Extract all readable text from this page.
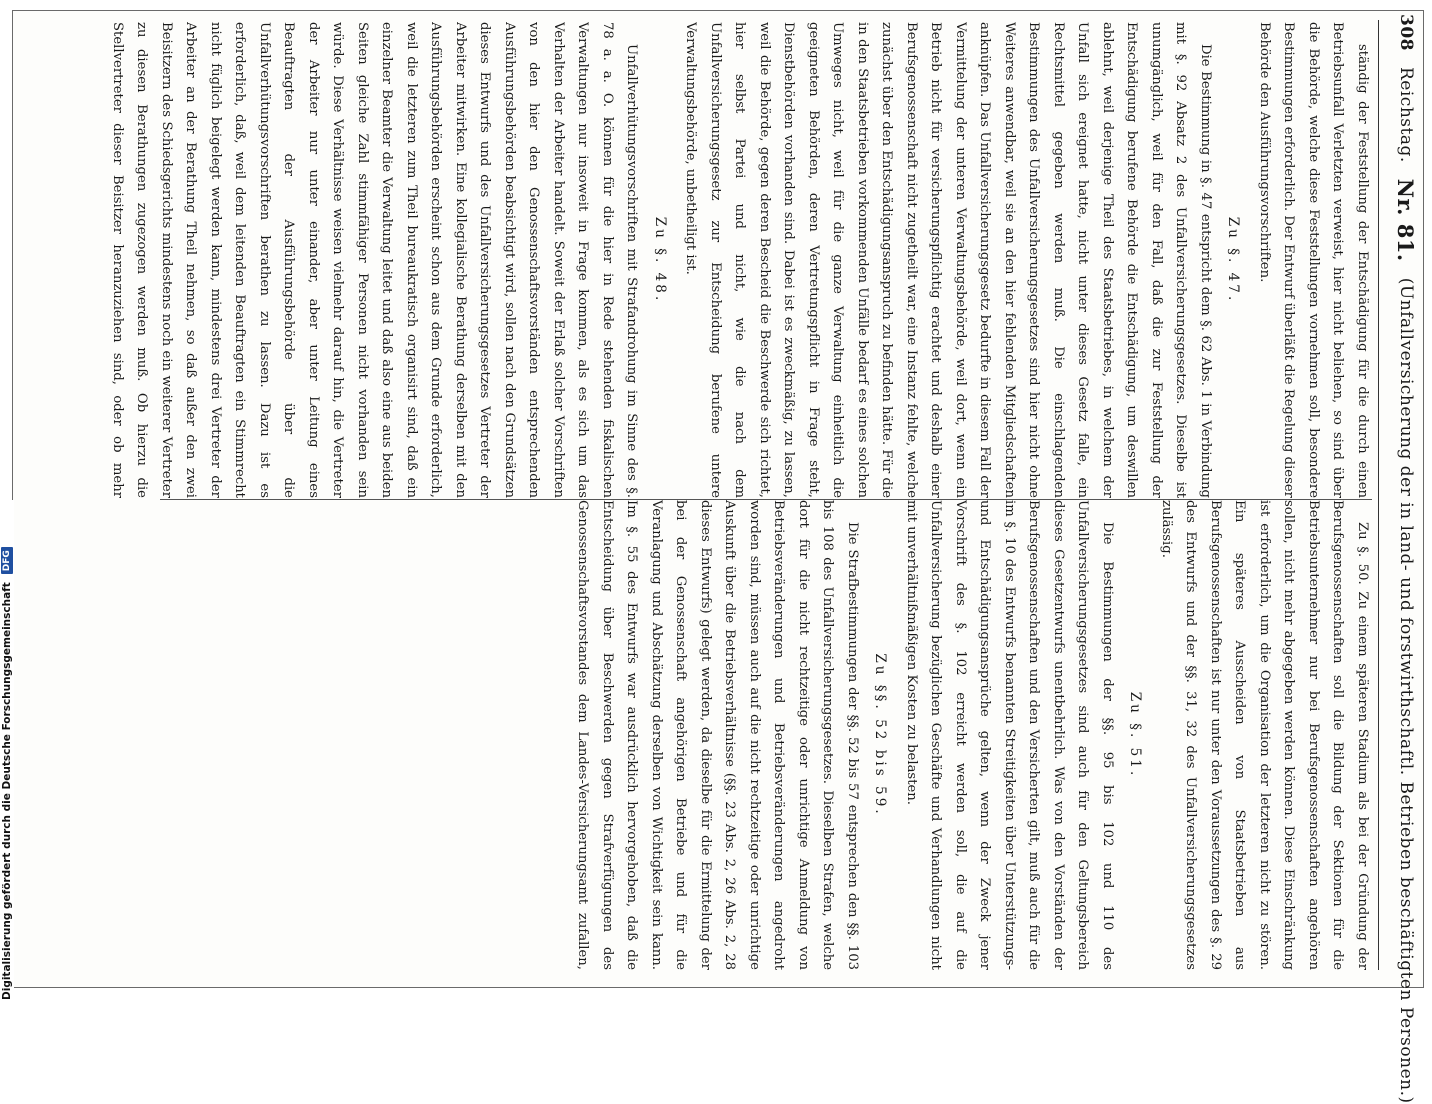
308
Reichstag.
Nr. 81.
(Unfallversicherung der in land- und forstwirthschaftl. Betrieben beschäftigten Personen.)

Zu §. 50. Zu einem späteren Stadium als bei der Gründung der Berufsgenossenschaften soll die Bildung der Sektionen für die Betriebsunternehmer nur bei Berufsgenossenschaften angehören sollen, nicht mehr abgegeben werden können. Diese Einschränkung ist erforderlich, um die Organisation der letzteren nicht zu stören. Ein späteres Ausscheiden von Staatsbetrieben aus Berufsgenossenschaften ist nur unter den Voraussetzungen des §. 29 des Entwurfs und der §§. 31, 32 des Unfallversicherungsgesetzes zulässig.

Zu §. 51.

Die Bestimmungen der §§. 95 bis 102 und 110 des Unfallversicherungsgesetzes sind auch für den Geltungsbereich dieses Gesetzentwurfs unentbehrlich. Was von den Vorständen der Berufsgenossenschaften und den Versicherten gilt, muß auch für die im §. 10 des Entwurfs benannten Streitigkeiten über Unterstützungs- und Entschädigungsansprüche gelten, wenn der Zweck jener Vorschrift des §. 102 erreicht werden soll, die auf die Unfallversicherung bezüglichen Geschäfte und Verhandlungen nicht mit unverhältnißmäßigen Kosten zu belasten.

Zu §§. 52 bis 59.

Die Strafbestimmungen der §§. 52 bis 57 entsprechen den §§. 103 bis 108 des Unfallversicherungsgesetzes. Dieselben Strafen, welche dort für die nicht rechtzeitige oder unrichtige Anmeldung von Betriebsveränderungen und Betriebsveränderungen angedroht worden sind, müssen auch auf die nicht rechtzeitige oder unrichtige Auskunft über die Betriebsverhältnisse (§§. 23 Abs. 2, 26 Abs. 2, 28 dieses Entwurfs) gelegt werden, da dieselbe für die Ermittelung der bei der Genossenschaft angehörigen Betriebe und für die Veranlagung und Abschätzung derselben von Wichtigkeit sein kann. Im §. 55 des Entwurfs war ausdrücklich hervorgehoben, daß die Entscheidung über Beschwerden gegen Strafverfügungen des Genossenschaftsvorstandes dem Landes-Versicherungsamt zufallen,

ständig der Feststellung der Entschädigung für die durch einen Betriebsunfall Verletzten verweist, hier nicht beliehen, so sind über die Behörde, welche diese Feststellungen vornehmen soll, besondere Bestimmungen erforderlich. Der Entwurf überläßt die Regelung dieser Behörde den Ausführungsvorschriften.

Zu §. 47.

Die Bestimmung in §. 47 entspricht dem §. 62 Abs. 1 in Verbindung mit §. 92 Absatz 2 des Unfallversicherungsgesetzes. Dieselbe ist unumgänglich, weil für den Fall, daß die zur Feststellung der Entschädigung berufene Behörde die Entschädigung, um deswillen ablehnt, weil derjenige Theil des Staatsbetriebes, in welchem der Unfall sich ereignet hatte, nicht unter dieses Gesetz falle, ein Rechtsmittel gegeben werden muß. Die einschlagenden Bestimmungen des Unfallversicherungsgesetzes sind hier nicht ohne Weiteres anwendbar, weil sie an den hier fehlenden Mitgliedschaften anknüpfen. Das Unfallversicherungsgesetz bedurfte in diesem Fall der Vermittelung der unteren Verwaltungsbehörde, weil dort, wenn ein Betrieb nicht für versicherungspflichtig erachtet und deshalb einer Berufsgenossenschaft nicht zugetheilt war, eine Instanz fehlte, welche zunächst über den Entschädigungsanspruch zu befinden hätte. Für die in den Staatsbetrieben vorkommenden Unfälle bedarf es eines solchen Umweges nicht, weil für die ganze Verwaltung einheitlich die geeigneten Behörden, deren Vertretungspflicht in Frage steht, Dienstbehörden vorhanden sind. Dabei ist es zweckmäßig, zu lassen, weil die Behörde, gegen deren Bescheid die Beschwerde sich richtet, hier selbst Partei und nicht, wie die nach dem Unfallversicherungsgesetz zur Entscheidung berufene untere Verwaltungsbehörde, unbetheiligt ist.

Zu §. 48.

Unfallverhütungsvorschriften mit Strafandrohung im Sinne des §. 78 a. a. O. können für die hier in Rede stehenden fiskalischen Verwaltungen nur insoweit in Frage kommen, als es sich um das Verhalten der Arbeiter handelt. Soweit der Erlaß solcher Vorschriften von den hier den Genossenschaftsvorständen entsprechenden Ausführungsbehörden beabsichtigt wird, sollen nach den Grundsätzen dieses Entwurfs und des Unfallversicherungsgesetzes Vertreter der Arbeiter mitwirken. Eine kollegialische Berathung derselben mit den Ausführungsbehörden erscheint schon aus dem Grunde erforderlich, weil die letzteren zum Theil bureaukratisch organisirt sind, daß ein einzelner Beamter die Verwaltung leitet und daß also eine aus beiden Seiten gleiche Zahl stimmfähiger Personen nicht vorhanden sein würde. Diese Verhältnisse weisen vielmehr darauf hin, die Vertreter der Arbeiter nur unter einander, aber unter Leitung eines Beauftragten der Ausführungsbehörde über die Unfallverhütungsvorschriften berathen zu lassen. Dazu ist es erforderlich, daß, weil dem leitenden Beauftragten ein Stimmrecht nicht füglich beigelegt werden kann, mindestens drei Vertreter der Arbeiter an der Berathung Theil nehmen, so daß außer den zwei Beisitzern des Schiedsgerichts mindestens noch ein weiterer Vertreter zu diesen Berathungen zugezogen werden muß. Ob hierzu die Stellvertreter dieser Beisitzer heranzuziehen sind, oder ob mehr

Digitalisierung gefördert durch die Deutsche Forschungsgemeinschaft
DFG
